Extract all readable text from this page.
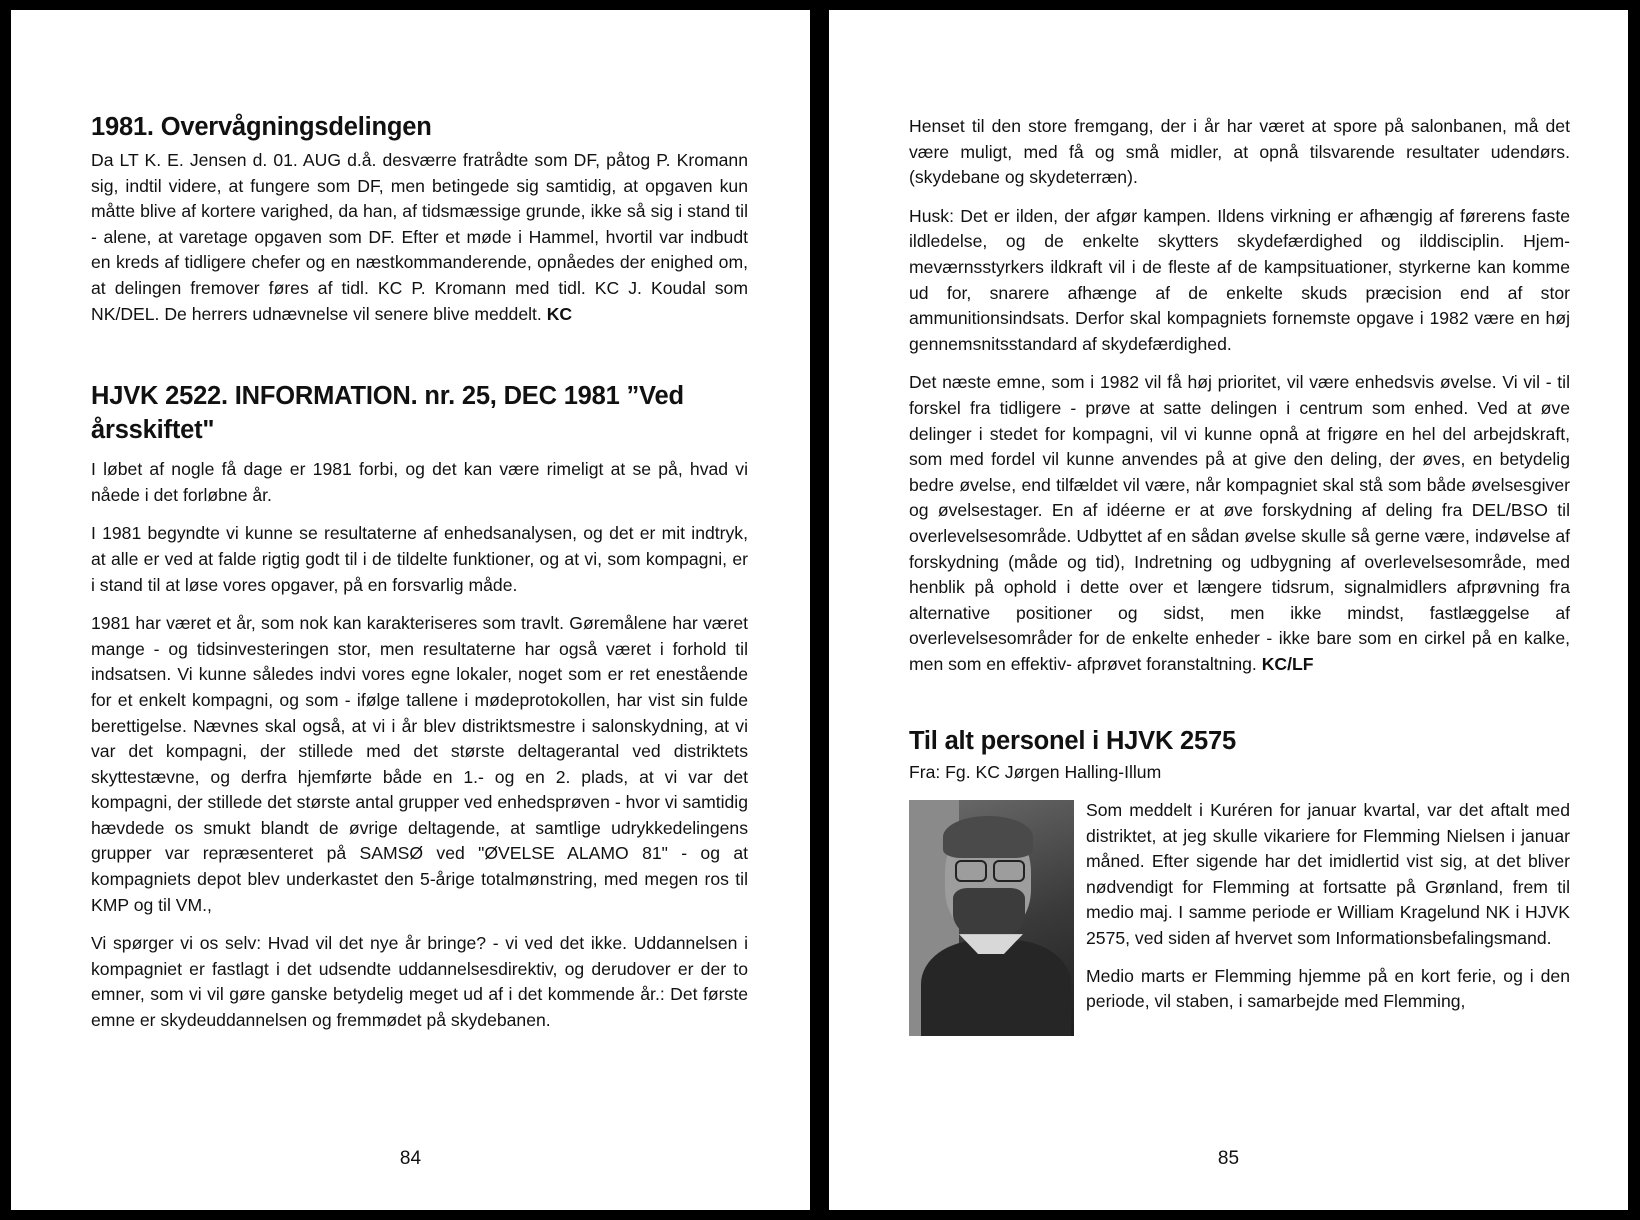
1981. Overvågningsdelingen

Da LT K. E. Jensen d. 01. AUG d.å. desværre fratrådte som DF, påtog P. Kromann sig, indtil videre, at fungere som DF, men betingede sig samtidig, at opgaven kun måtte blive af kortere varighed, da han, af tidsmæssige grunde, ikke så sig i stand til - alene, at varetage opgaven som DF. Efter et møde i Hammel, hvortil var indbudt en kreds af tidligere chefer og en næstkommanderende, opnåedes der enighed om, at delingen fremover føres af tidl. KC P. Kromann med tidl. KC J. Koudal som NK/DEL. De herrers udnævnelse vil senere blive meddelt. KC

HJVK 2522. INFORMATION. nr. 25, DEC 1981 ”Ved årsskiftet"

I løbet af nogle få dage er 1981 forbi, og det kan være rimeligt at se på, hvad vi nåede i det forløbne år.

I 1981 begyndte vi kunne se resultaterne af enhedsanalysen, og det er mit indtryk, at alle er ved at falde rigtig godt til i de tildelte funktioner, og at vi, som kompagni, er i stand til at løse vores opgaver, på en forsvarlig måde.

1981 har været et år, som nok kan karakteriseres som travlt. Gøremålene har været mange - og tidsinvesteringen stor, men resultaterne har også været i forhold til indsatsen. Vi kunne således indvi vores egne lokaler, noget som er ret enestående for et enkelt kompagni, og som - ifølge tallene i mødeprotokollen, har vist sin fulde berettigelse. Nævnes skal også, at vi i år blev distriktsmestre i salonskydning, at vi var det kompagni, der stillede med det største deltagerantal ved distriktets skyttestævne, og derfra hjemførte både en 1.- og en 2. plads, at vi var det kompagni, der stillede det største antal grupper ved enhedsprøven - hvor vi samtidig hævdede os smukt blandt de øvrige deltagende, at samtlige udrykkedelingens grupper var repræsenteret på SAMSØ ved "ØVELSE ALAMO 81" - og at kompagniets depot blev underkastet den 5-årige totalmønstring, med megen ros til KMP og til VM.,

Vi spørger vi os selv: Hvad vil det nye år bringe? - vi ved det ikke. Uddannelsen i kompagniet er fastlagt i det udsendte uddannelsesdirektiv, og derudover er der to emner, som vi vil gøre ganske betydelig meget ud af i det kommende år.: Det første emne er skydeuddannelsen og fremmødet på skydebanen.

84

Henset til den store fremgang, der i år har været at spore på salonbanen, må det være muligt, med få og små midler, at opnå tilsvarende resultater udendørs. (skydebane og skydeterræn).

Husk: Det er ilden, der afgør kampen. Ildens virkning er afhængig af førerens faste ildledelse, og de enkelte skytters skydefærdighed og ilddisciplin. Hjemmeværnsstyrkers ildkraft vil i de fleste af de kampsituationer, styrkerne kan komme ud for, snarere afhænge af de enkelte skuds præcision end af stor ammunitionsindsats. Derfor skal kompagniets fornemste opgave i 1982 være en høj gennemsnitsstandard af skydefærdighed.

Det næste emne, som i 1982 vil få høj prioritet, vil være enhedsvis øvelse. Vi vil - til forskel fra tidligere - prøve at satte delingen i centrum som enhed. Ved at øve delinger i stedet for kompagni, vil vi kunne opnå at frigøre en hel del arbejdskraft, som med fordel vil kunne anvendes på at give den deling, der øves, en betydelig bedre øvelse, end tilfældet vil være, når kompagniet skal stå som både øvelsesgiver og øvelsestager. En af idéerne er at øve forskydning af deling fra DEL/BSO til overlevelsesområde. Udbyttet af en sådan øvelse skulle så gerne være, indøvelse af forskydning (måde og tid), Indretning og udbygning af overlevelsesområde, med henblik på ophold i dette over et længere tidsrum, signalmidlers afprøvning fra alternative positioner og sidst, men ikke mindst, fastlæggelse af overlevelsesområder for de enkelte enheder - ikke bare som en cirkel på en kalke, men som en effektiv- afprøvet foranstaltning. KC/LF

Til alt personel i HJVK 2575

Fra: Fg. KC Jørgen Halling-Illum

Som meddelt i Kuréren for januar kvartal, var det aftalt med distriktet, at jeg skulle vikariere for Flemming Nielsen i januar måned. Efter sigende har det imidlertid vist sig, at det bliver nødvendigt for Flemming at fortsatte på Grønland, frem til medio maj. I samme periode er William Kragelund NK i HJVK 2575, ved siden af hvervet som Informationsbefalingsmand.

Medio marts er Flemming hjemme på en kort ferie, og i den periode, vil staben, i samarbejde med Flemming,

85
